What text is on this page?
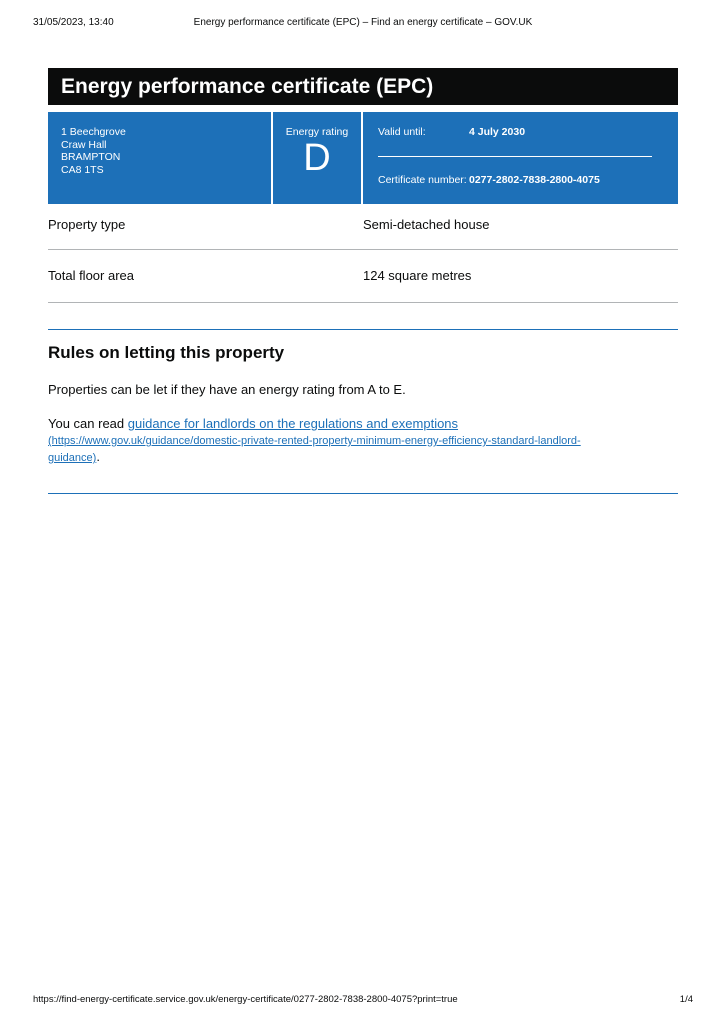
31/05/2023, 13:40	Energy performance certificate (EPC) – Find an energy certificate – GOV.UK
Energy performance certificate (EPC)
1 Beechgrove
Craw Hall
BRAMPTON
CA8 1TS
Energy rating
D
Valid until:	4 July 2030
Certificate number: 0277-2802-7838-2800-4075
Property type	Semi-detached house
Total floor area	124 square metres
Rules on letting this property
Properties can be let if they have an energy rating from A to E.
You can read guidance for landlords on the regulations and exemptions
(https://www.gov.uk/guidance/domestic-private-rented-property-minimum-energy-efficiency-standard-landlord-
guidance).
https://find-energy-certificate.service.gov.uk/energy-certificate/0277-2802-7838-2800-4075?print=true	1/4
